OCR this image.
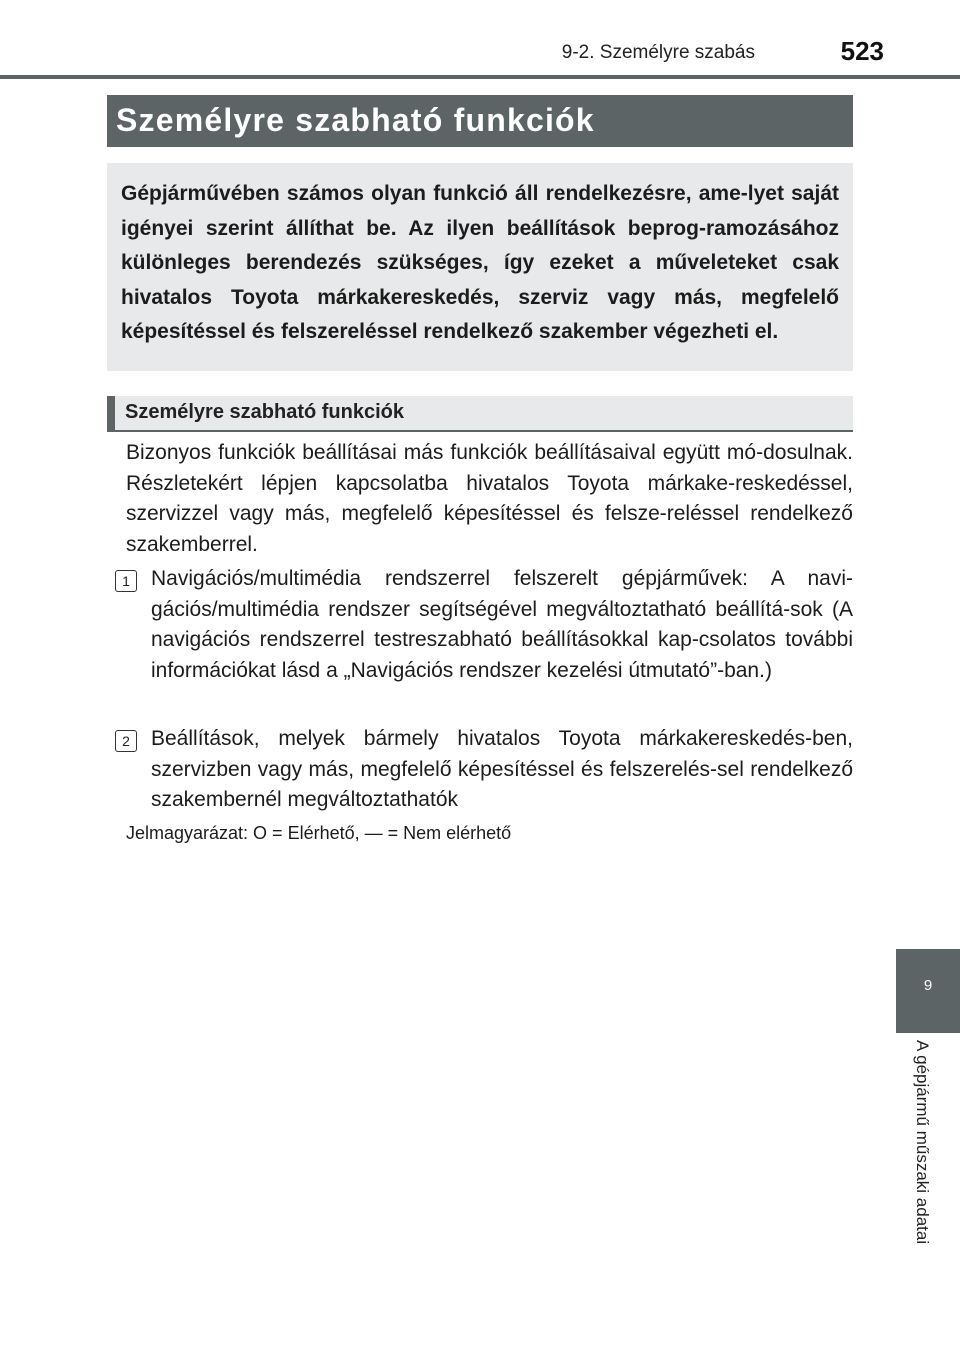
9-2. Személyre szabás	523
Személyre szabható funkciók
Gépjárművében számos olyan funkció áll rendelkezésre, ame-lyet saját igényei szerint állíthat be. Az ilyen beállítások beprog-ramozásához különleges berendezés szükséges, így ezeket a műveleteket csak hivatalos Toyota márkakereskedés, szerviz vagy más, megfelelő képesítéssel és felszereléssel rendelkező szakember végezheti el.
Személyre szabható funkciók

Bizonyos funkciók beállításai más funkciók beállításaival együtt mó-dosulnak. Részletekért lépjen kapcsolatba hivatalos Toyota márkake-reskedéssel, szervizzel vagy más, megfelelő képesítéssel és felsze-reléssel rendelkező szakemberrel.

1	Navigációs/multimédia rendszerrel felszerelt gépjárművek: A navi-gációs/multimédia rendszer segítségével megváltoztatható beállítá-sok (A navigációs rendszerrel testreszabható beállításokkal kap-csolatos további információkat lásd a „Navigációs rendszer kezelési útmutató”-ban.)
2	Beállítások, melyek bármely hivatalos Toyota márkakereskedés-ben, szervizben vagy más, megfelelő képesítéssel és felszerelés-sel rendelkező szakembernél megváltoztathatók
Jelmagyarázat: O = Elérhető, — = Nem elérhető
9
A gépjármű műszaki adatai
